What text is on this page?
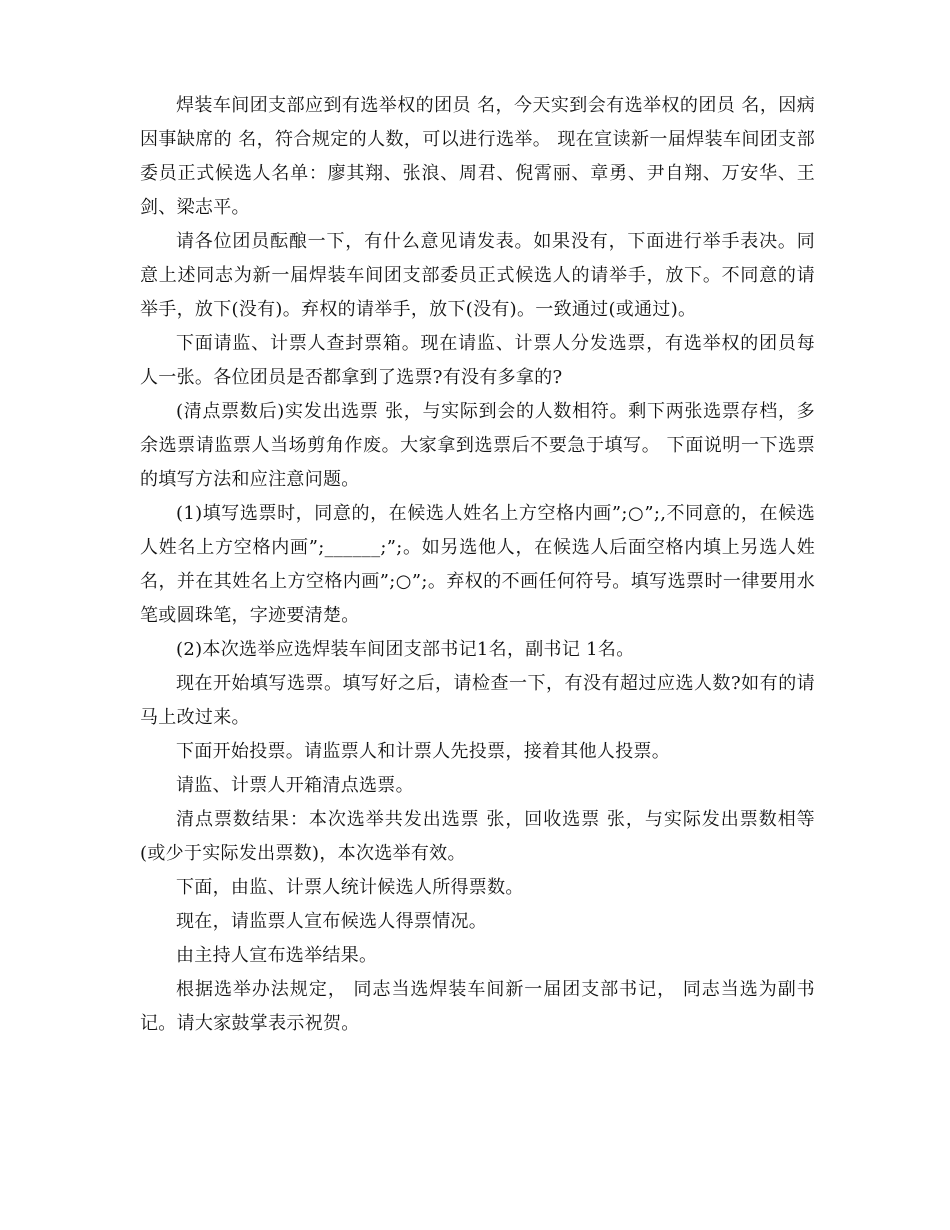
焊装车间团支部应到有选举权的团员 名，今天实到会有选举权的团员 名，因病因事缺席的 名，符合规定的人数，可以进行选举。 现在宣读新一届焊装车间团支部委员正式候选人名单：廖其翔、张浪、周君、倪霄丽、章勇、尹自翔、万安华、王剑、梁志平。

请各位团员酝酿一下，有什么意见请发表。如果没有，下面进行举手表决。同意上述同志为新一届焊装车间团支部委员正式候选人的请举手，放下。不同意的请举手，放下(没有)。弃权的请举手，放下(没有)。一致通过(或通过)。

下面请监、计票人查封票箱。现在请监、计票人分发选票，有选举权的团员每人一张。各位团员是否都拿到了选票?有没有多拿的?

(清点票数后)实发出选票 张，与实际到会的人数相符。剩下两张选票存档，多余选票请监票人当场剪角作废。大家拿到选票后不要急于填写。 下面说明一下选票的填写方法和应注意问题。

(1)填写选票时，同意的，在候选人姓名上方空格内画”;○”;,不同意的，在候选人姓名上方空格内画”;______;”;。如另选他人，在候选人后面空格内填上另选人姓名，并在其姓名上方空格内画”;○”;。弃权的不画任何符号。填写选票时一律要用水笔或圆珠笔，字迹要清楚。

(2)本次选举应选焊装车间团支部书记1名，副书记 1名。

现在开始填写选票。填写好之后，请检查一下，有没有超过应选人数?如有的请马上改过来。

下面开始投票。请监票人和计票人先投票，接着其他人投票。

请监、计票人开箱清点选票。

清点票数结果：本次选举共发出选票 张，回收选票 张，与实际发出票数相等(或少于实际发出票数)，本次选举有效。

下面，由监、计票人统计候选人所得票数。

现在，请监票人宣布候选人得票情况。

由主持人宣布选举结果。

根据选举办法规定， 同志当选焊装车间新一届团支部书记， 同志当选为副书记。请大家鼓掌表示祝贺。
